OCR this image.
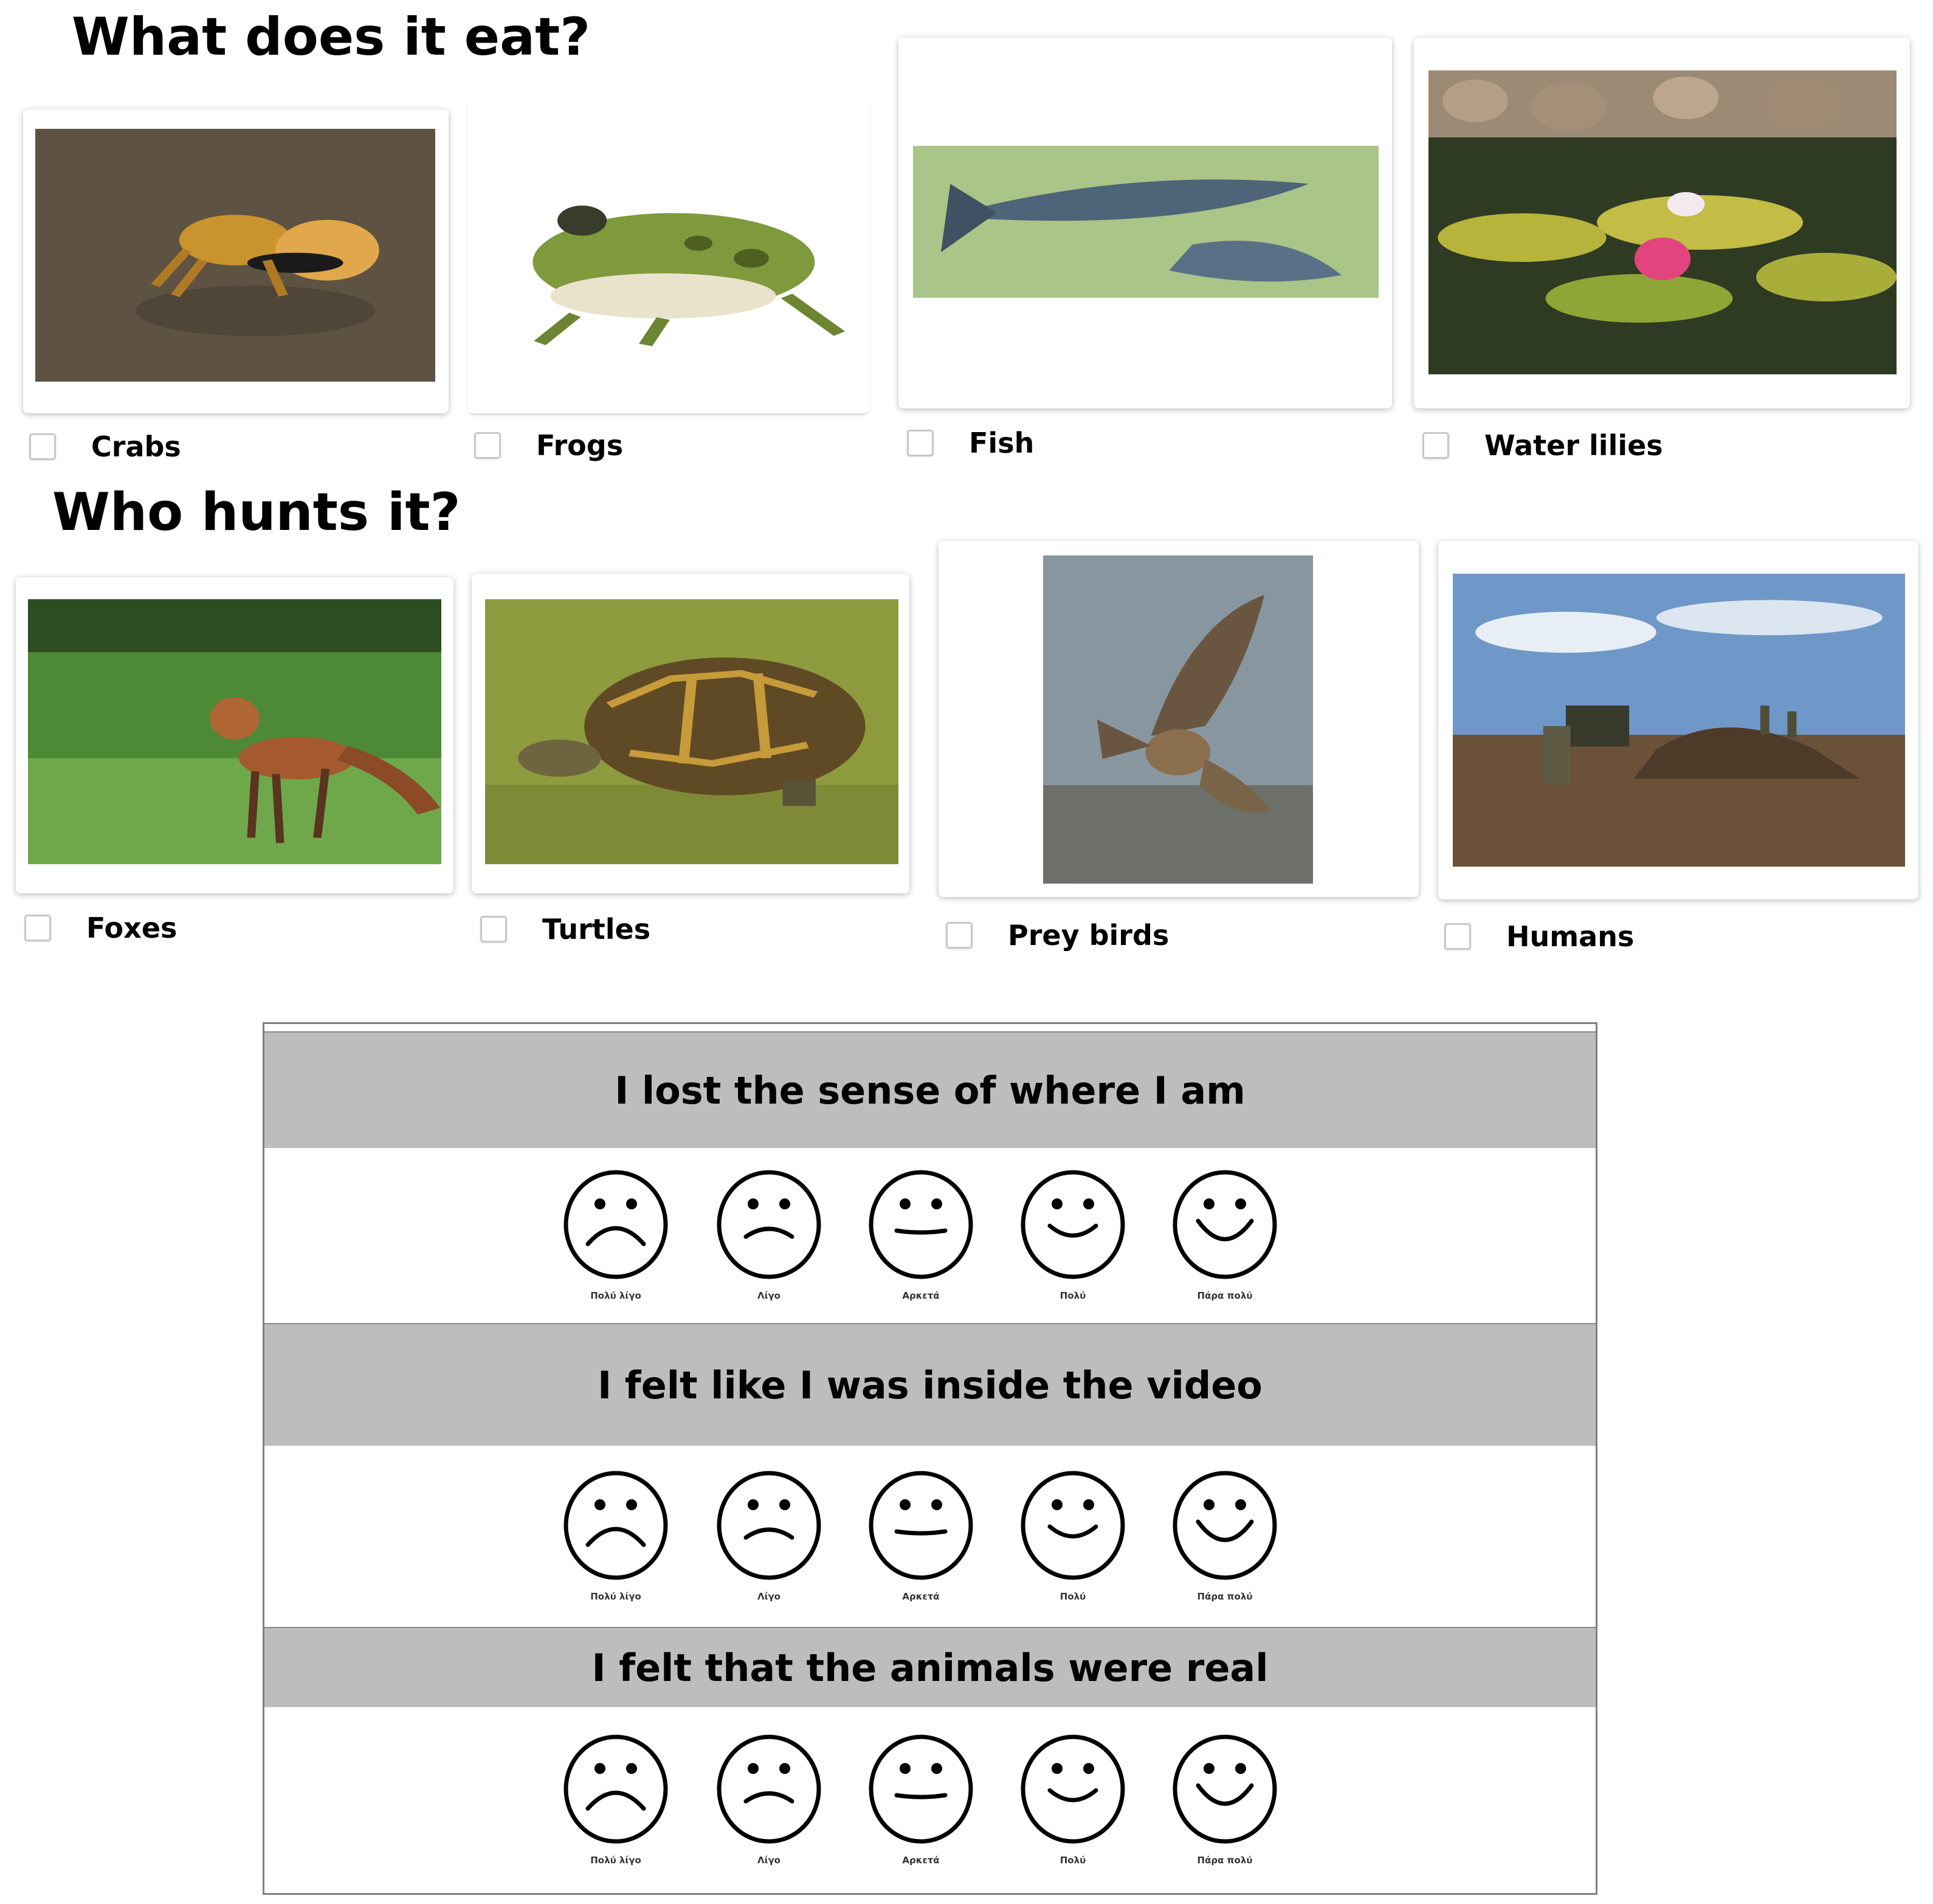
What does it eat?
Crabs	Frogs	Fish	Water lilies
Who hunts it?
Foxes	Turtles	Prey birds	Humans
I lost the sense of where I am
Πολύ λίγο	Λίγο	Αρκετά	Πολύ	Πάρα πολύ
I felt like I was inside the video
Πολύ λίγο	Λίγο	Αρκετά	Πολύ	Πάρα πολύ
I felt that the animals were real
Πολύ λίγο	Λίγο	Αρκετά	Πολύ	Πάρα πολύ
